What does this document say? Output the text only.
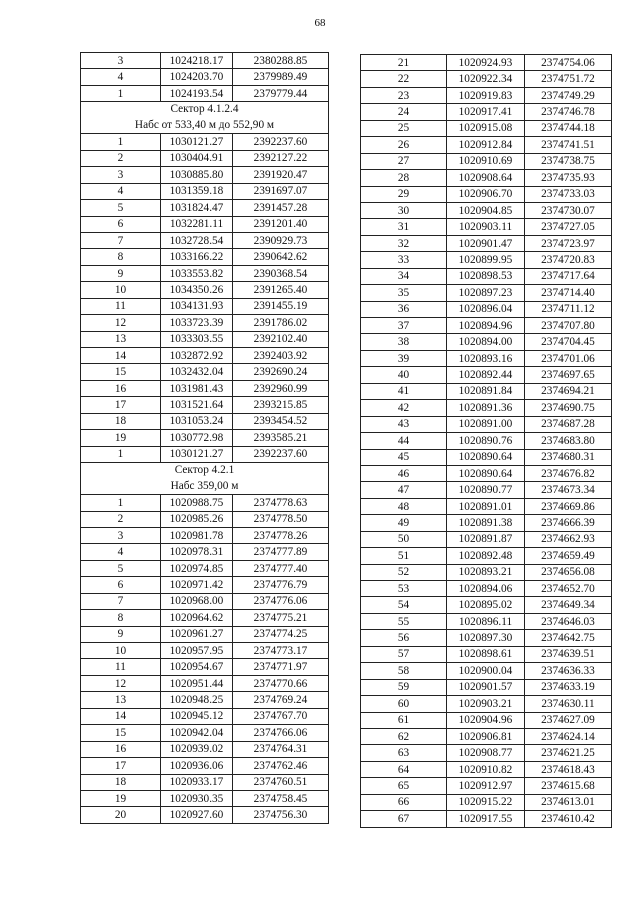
68
3	1024218.17	2380288.85
4	1024203.70	2379989.49
1	1024193.54	2379779.44

Сектор 4.1.2.4
Набс от 533,40 м до 552,90 м		

1	1030121.27	2392237.60
2	1030404.91	2392127.22
3	1030885.80	2391920.47
4	1031359.18	2391697.07
5	1031824.47	2391457.28
6	1032281.11	2391201.40
7	1032728.54	2390929.73
8	1033166.22	2390642.62
9	1033553.82	2390368.54
10	1034350.26	2391265.40
11	1034131.93	2391455.19
12	1033723.39	2391786.02
13	1033303.55	2392102.40
14	1032872.92	2392403.92
15	1032432.04	2392690.24
16	1031981.43	2392960.99
17	1031521.64	2393215.85
18	1031053.24	2393454.52
19	1030772.98	2393585.21
1	1030121.27	2392237.60

Сектор 4.2.1
Набс 359,00 м		

1	1020988.75	2374778.63
2	1020985.26	2374778.50
3	1020981.78	2374778.26
4	1020978.31	2374777.89
5	1020974.85	2374777.40
6	1020971.42	2374776.79
7	1020968.00	2374776.06
8	1020964.62	2374775.21
9	1020961.27	2374774.25
10	1020957.95	2374773.17
11	1020954.67	2374771.97
12	1020951.44	2374770.66
13	1020948.25	2374769.24
14	1020945.12	2374767.70
15	1020942.04	2374766.06
16	1020939.02	2374764.31
17	1020936.06	2374762.46
18	1020933.17	2374760.51
19	1020930.35	2374758.45
20	1020927.60	2374756.30
21	1020924.93	2374754.06
22	1020922.34	2374751.72
23	1020919.83	2374749.29
24	1020917.41	2374746.78
25	1020915.08	2374744.18
26	1020912.84	2374741.51
27	1020910.69	2374738.75
28	1020908.64	2374735.93
29	1020906.70	2374733.03
30	1020904.85	2374730.07
31	1020903.11	2374727.05
32	1020901.47	2374723.97
33	1020899.95	2374720.83
34	1020898.53	2374717.64
35	1020897.23	2374714.40
36	1020896.04	2374711.12
37	1020894.96	2374707.80
38	1020894.00	2374704.45
39	1020893.16	2374701.06
40	1020892.44	2374697.65
41	1020891.84	2374694.21
42	1020891.36	2374690.75
43	1020891.00	2374687.28
44	1020890.76	2374683.80
45	1020890.64	2374680.31
46	1020890.64	2374676.82
47	1020890.77	2374673.34
48	1020891.01	2374669.86
49	1020891.38	2374666.39
50	1020891.87	2374662.93
51	1020892.48	2374659.49
52	1020893.21	2374656.08
53	1020894.06	2374652.70
54	1020895.02	2374649.34
55	1020896.11	2374646.03
56	1020897.30	2374642.75
57	1020898.61	2374639.51
58	1020900.04	2374636.33
59	1020901.57	2374633.19
60	1020903.21	2374630.11
61	1020904.96	2374627.09
62	1020906.81	2374624.14
63	1020908.77	2374621.25
64	1020910.82	2374618.43
65	1020912.97	2374615.68
66	1020915.22	2374613.01
67	1020917.55	2374610.42
